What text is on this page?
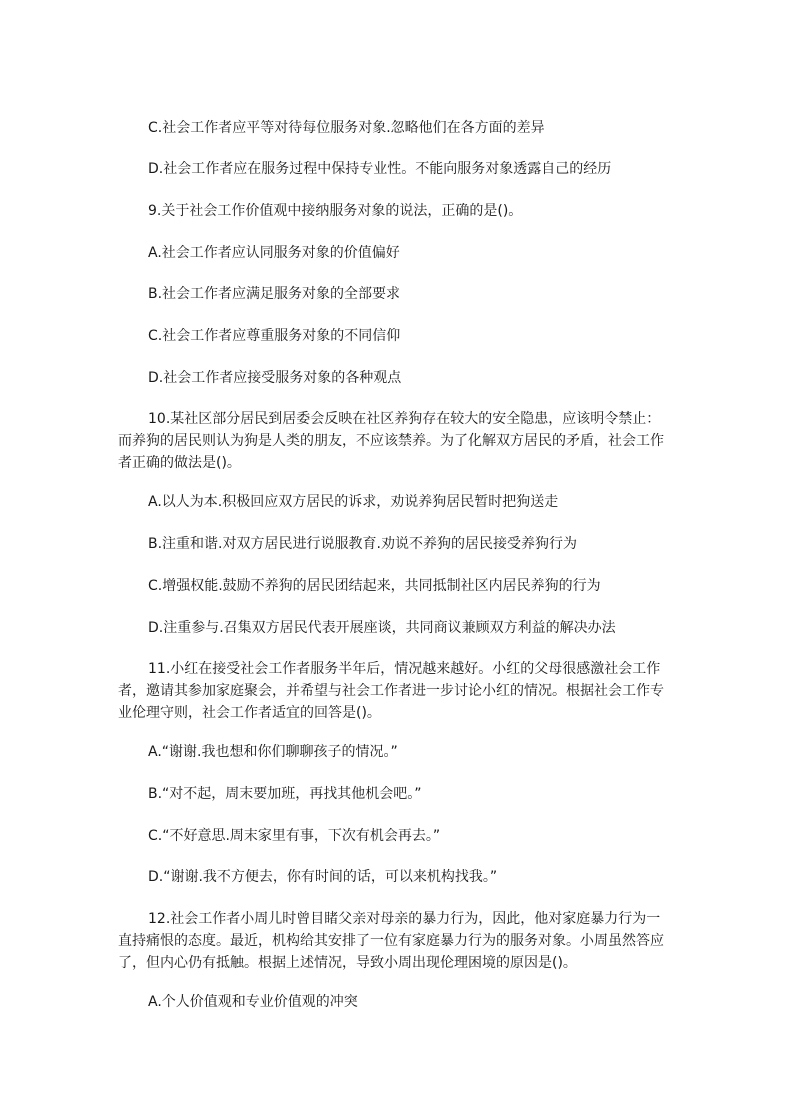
C.社会工作者应平等对待每位服务对象.忽略他们在各方面的差异
D.社会工作者应在服务过程中保持专业性。不能向服务对象透露自己的经历
9.关于社会工作价值观中接纳服务对象的说法，正确的是()。
A.社会工作者应认同服务对象的价值偏好
B.社会工作者应满足服务对象的全部要求
C.社会工作者应尊重服务对象的不同信仰
D.社会工作者应接受服务对象的各种观点
10.某社区部分居民到居委会反映在社区养狗存在较大的安全隐患，应该明令禁止：而养狗的居民则认为狗是人类的朋友，不应该禁养。为了化解双方居民的矛盾，社会工作者正确的做法是()。
A.以人为本.积极回应双方居民的诉求，劝说养狗居民暂时把狗送走
B.注重和谐.对双方居民进行说服教育.劝说不养狗的居民接受养狗行为
C.增强权能.鼓励不养狗的居民团结起来，共同抵制社区内居民养狗的行为
D.注重参与.召集双方居民代表开展座谈，共同商议兼顾双方利益的解决办法
11.小红在接受社会工作者服务半年后，情况越来越好。小红的父母很感激社会工作者，邀请其参加家庭聚会，并希望与社会工作者进一步讨论小红的情况。根据社会工作专业伦理守则，社会工作者适宜的回答是()。
A.“谢谢.我也想和你们聊聊孩子的情况。”
B.“对不起，周末要加班，再找其他机会吧。”
C.“不好意思.周末家里有事，下次有机会再去。”
D.“谢谢.我不方便去，你有时间的话，可以来机构找我。”
12.社会工作者小周儿时曾目睹父亲对母亲的暴力行为，因此，他对家庭暴力行为一直持痛恨的态度。最近，机构给其安排了一位有家庭暴力行为的服务对象。小周虽然答应了，但内心仍有抵触。根据上述情况，导致小周出现伦理困境的原因是()。
A.个人价值观和专业价值观的冲突
